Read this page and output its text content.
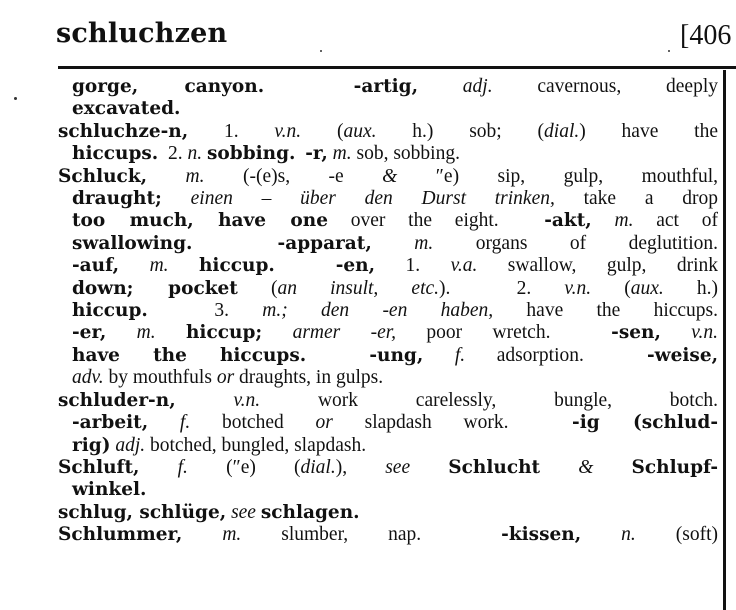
schluchzen	[406
gorge, canyon.	-artig, adj. cavernous, deeply
excavated.
schluchze-n, 1. v.n. (aux. h.) sob; (dial.) have the
hiccups.  2. n. sobbing. -r, m. sob, sobbing.
Schluck, m. (-(e)s, -e & ″e) sip, gulp, mouthful,
draught; einen – über den Durst trinken, take a drop
too much, have one over the eight.  -akt, m. act of
swallowing.	-apparat, m. organs of deglutition.
-auf, m. hiccup.	-en, 1. v.a. swallow, gulp, drink
down; pocket (an insult, etc.).  2. v.n. (aux. h.)
hiccup.  3. m.; den -en haben, have the hiccups.
-er, m. hiccup; armer -er, poor wretch.  -sen, v.n.
have the hiccups.	-ung, f. adsorption.  -weise,
adv. by mouthfuls or draughts, in gulps.
schluder-n,	v.n. work carelessly, bungle, botch.
-arbeit, f. botched or slapdash work.  -ig (schlud-
rig) adj. botched, bungled, slapdash.
Schluft, f. (″e) (dial.), see Schlucht & Schlupf-
winkel.
schlug, schlüge, see schlagen.
Schlummer, m. slumber, nap.  -kissen, n. (soft)
